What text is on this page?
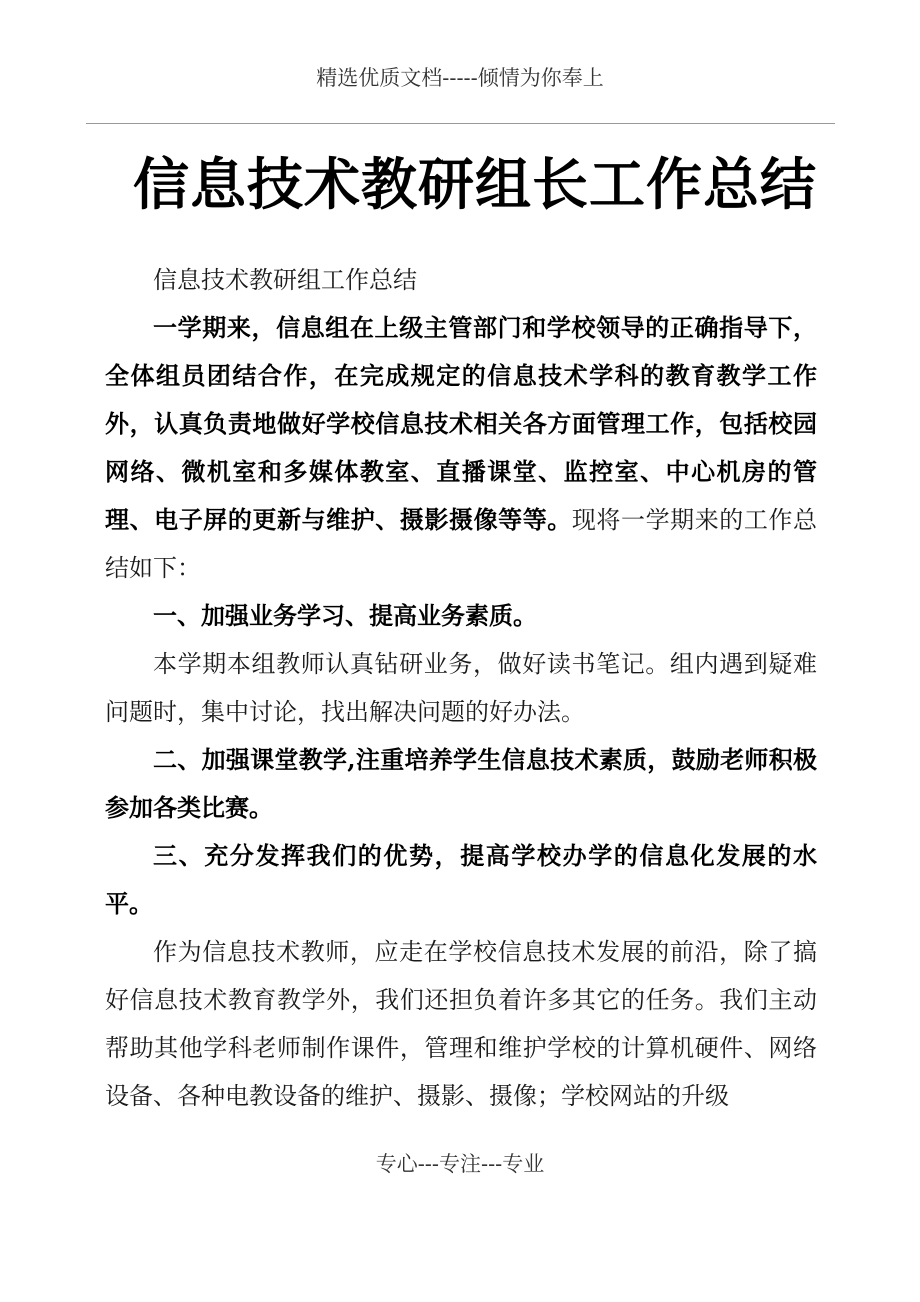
精选优质文档-----倾情为你奉上
信息技术教研组长工作总结

信息技术教研组工作总结

一学期来，信息组在上级主管部门和学校领导的正确指导下，全体组员团结合作，在完成规定的信息技术学科的教育教学工作外，认真负责地做好学校信息技术相关各方面管理工作，包括校园网络、微机室和多媒体教室、直播课堂、监控室、中心机房的管理、电子屏的更新与维护、摄影摄像等等。现将一学期来的工作总结如下：

一、加强业务学习、提高业务素质。

本学期本组教师认真钻研业务，做好读书笔记。组内遇到疑难问题时，集中讨论，找出解决问题的好办法。

二、加强课堂教学,注重培养学生信息技术素质，鼓励老师积极参加各类比赛。

三、充分发挥我们的优势，提高学校办学的信息化发展的水平。

作为信息技术教师，应走在学校信息技术发展的前沿，除了搞好信息技术教育教学外，我们还担负着许多其它的任务。我们主动帮助其他学科老师制作课件，管理和维护学校的计算机硬件、网络设备、各种电教设备的维护、摄影、摄像；学校网站的升级

专心---专注---专业
